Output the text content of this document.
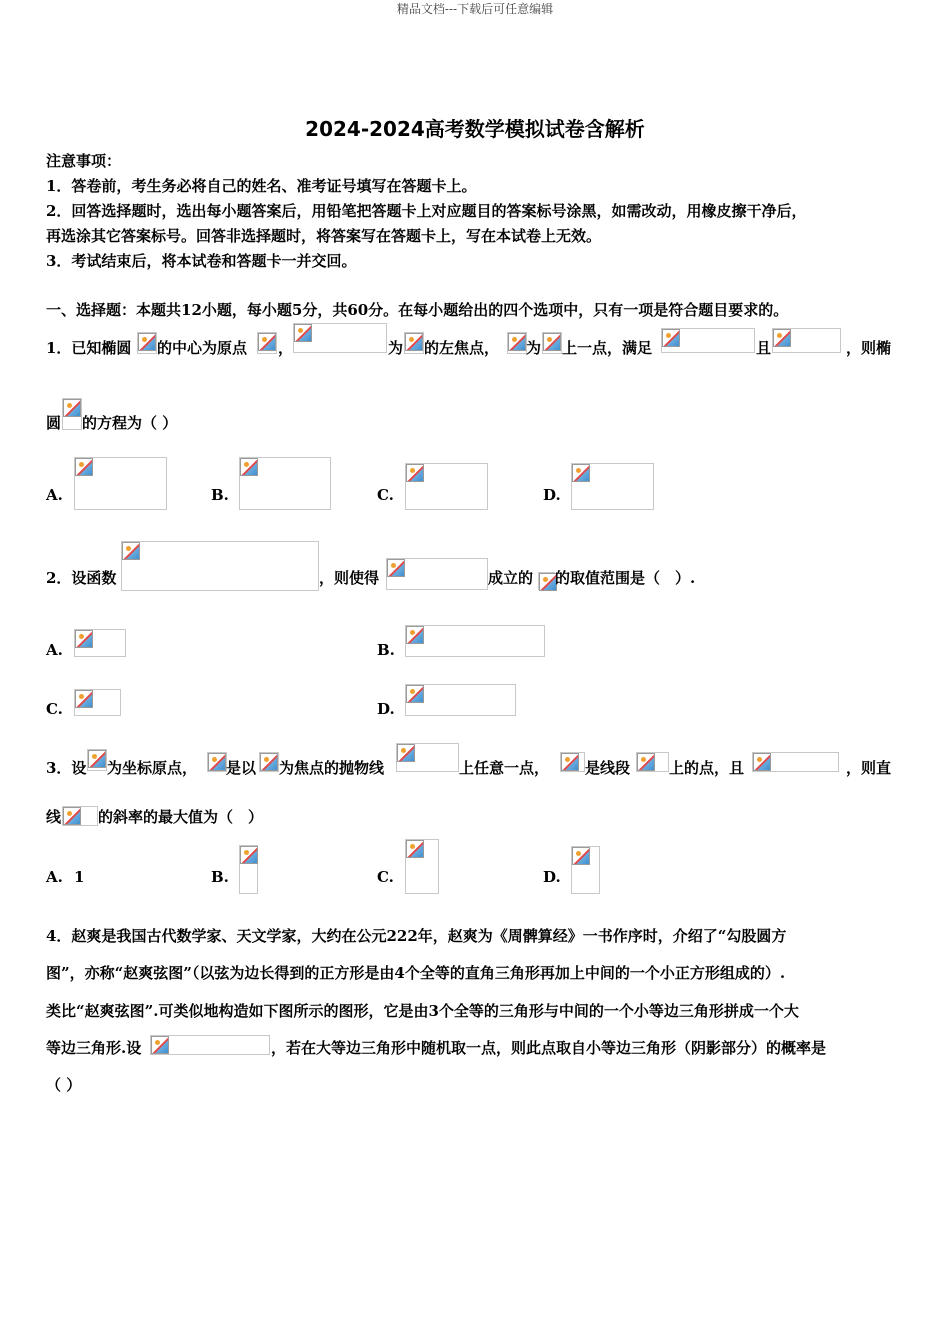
精品文档---下载后可任意编辑
2024-2024高考数学模拟试卷含解析
注意事项：
1．答卷前，考生务必将自己的姓名、准考证号填写在答题卡上。
2．回答选择题时，选出每小题答案后，用铅笔把答题卡上对应题目的答案标号涂黑，如需改动，用橡皮擦干净后，
再选涂其它答案标号。回答非选择题时，将答案写在答题卡上，写在本试卷上无效。
3．考试结束后，将本试卷和答题卡一并交回。
一、选择题：本题共12小题，每小题5分，共60分。在每小题给出的四个选项中，只有一项是符合题目要求的。
1．已知椭圆 的中心为原点 ，	为 的左焦点， 为 上一点，满足	且	，则椭
圆 的方程为（ ）
A.	B.	C.	D.
2．设函数	，则使得	成立的 的取值范围是（　）.
A.	B.
C.	D.
3．设 为坐标原点， 是以 为焦点的抛物线	上任意一点， 是线段	上的点，且	，则直
线 的斜率的最大值为（　）
A. 1	B.	C.	D.
4．赵爽是我国古代数学家、天文学家，大约在公元222年，赵爽为《周髀算经》一书作序时，介绍了“勾股圆方
图”，亦称“赵爽弦图”（以弦为边长得到的正方形是由4个全等的直角三角形再加上中间的一个小正方形组成的）.
类比“赵爽弦图”.可类似地构造如下图所示的图形，它是由3个全等的三角形与中间的一个小等边三角形拼成一个大
等边三角形.设	，若在大等边三角形中随机取一点，则此点取自小等边三角形（阴影部分）的概率是
（ ）
